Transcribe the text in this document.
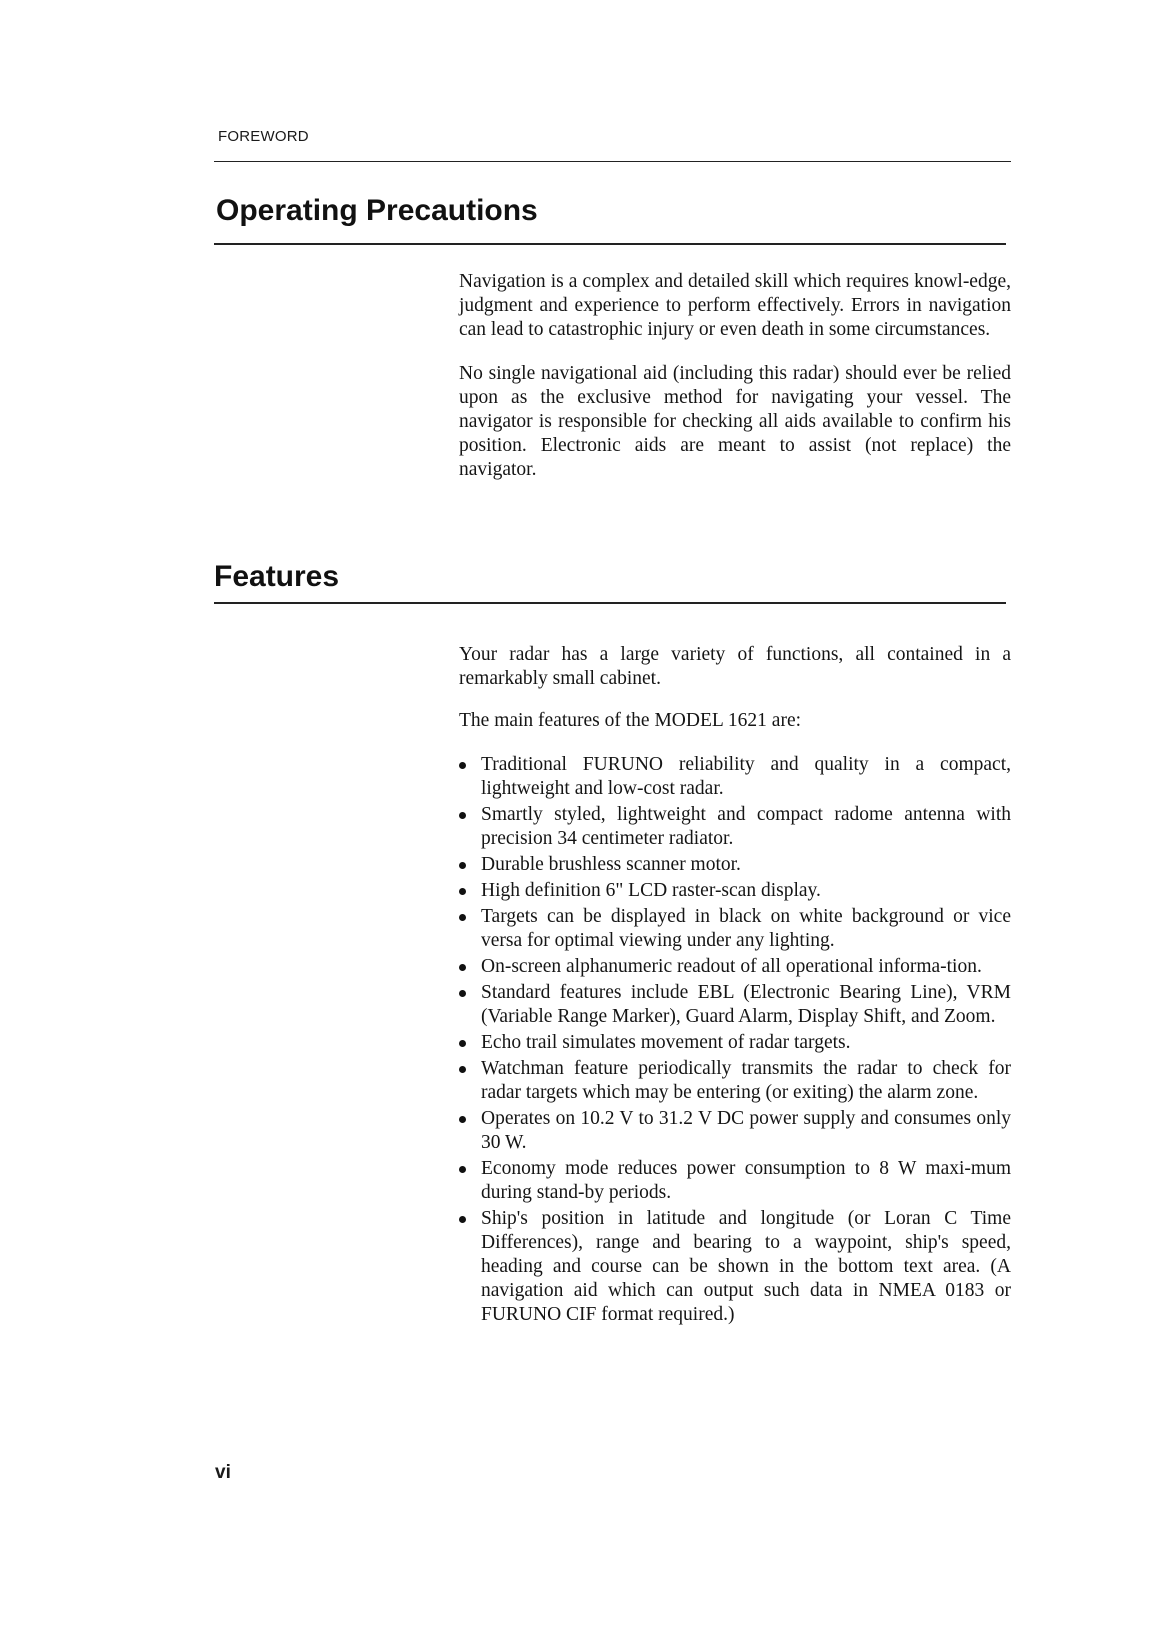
FOREWORD
Operating Precautions

Navigation is a complex and detailed skill which requires knowl-edge, judgment and experience to perform effectively. Errors in navigation can lead to catastrophic injury or even death in some circumstances.

No single navigational aid (including this radar) should ever be relied upon as the exclusive method for navigating your vessel. The navigator is responsible for checking all aids available to confirm his position. Electronic aids are meant to assist (not replace) the navigator.

Features

Your radar has a large variety of functions, all contained in a remarkably small cabinet.

The main features of the MODEL 1621 are:

Traditional FURUNO reliability and quality in a compact, lightweight and low-cost radar.
Smartly styled, lightweight and compact radome antenna with precision 34 centimeter radiator.
Durable brushless scanner motor.
High definition 6" LCD raster-scan display.
Targets can be displayed in black on white background or vice versa for optimal viewing under any lighting.
On-screen alphanumeric readout of all operational informa-tion.
Standard features include EBL (Electronic Bearing Line), VRM (Variable Range Marker), Guard Alarm, Display Shift, and Zoom.
Echo trail simulates movement of radar targets.
Watchman feature periodically transmits the radar to check for radar targets which may be entering (or exiting) the alarm zone.
Operates on 10.2 V to 31.2 V DC power supply and consumes only 30 W.
Economy mode reduces power consumption to 8 W maxi-mum during stand-by periods.
Ship's position in latitude and longitude (or Loran C Time Differences), range and bearing to a waypoint, ship's speed, heading and course can be shown in the bottom text area. (A navigation aid which can output such data in NMEA 0183 or FURUNO CIF format required.)
vi
